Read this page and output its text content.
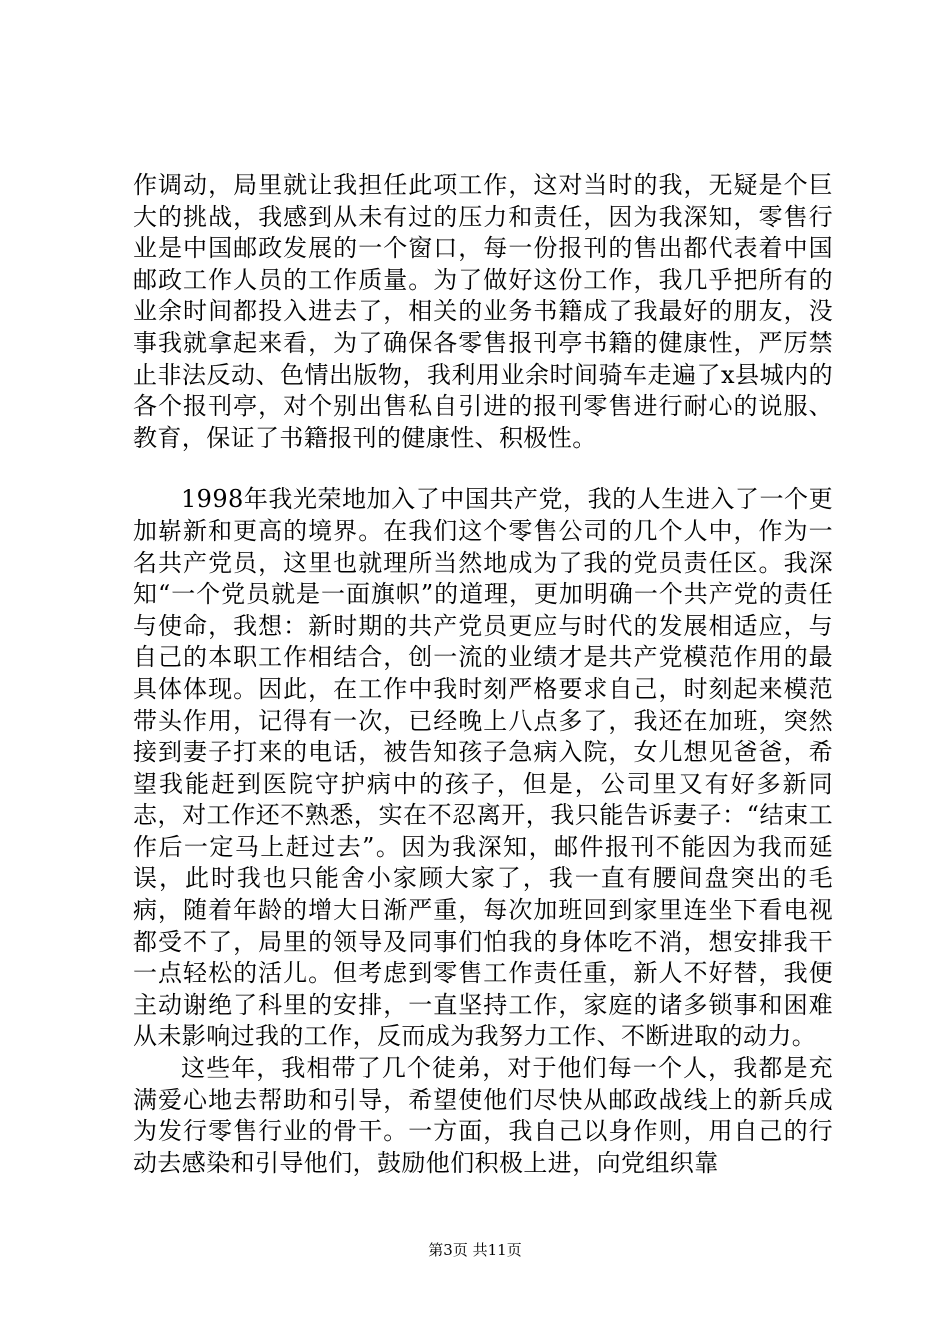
作调动，局里就让我担任此项工作，这对当时的我，无疑是个巨大的挑战，我感到从未有过的压力和责任，因为我深知，零售行业是中国邮政发展的一个窗口，每一份报刊的售出都代表着中国邮政工作人员的工作质量。为了做好这份工作，我几乎把所有的业余时间都投入进去了，相关的业务书籍成了我最好的朋友，没事我就拿起来看，为了确保各零售报刊亭书籍的健康性，严厉禁止非法反动、色情出版物，我利用业余时间骑车走遍了x县城内的各个报刊亭，对个别出售私自引进的报刊零售进行耐心的说服、教育，保证了书籍报刊的健康性、积极性。

1998年我光荣地加入了中国共产党，我的人生进入了一个更加崭新和更高的境界。在我们这个零售公司的几个人中，作为一名共产党员，这里也就理所当然地成为了我的党员责任区。我深知“一个党员就是一面旗帜”的道理，更加明确一个共产党的责任与使命，我想：新时期的共产党员更应与时代的发展相适应，与自己的本职工作相结合，创一流的业绩才是共产党模范作用的最具体体现。因此，在工作中我时刻严格要求自己，时刻起来模范带头作用，记得有一次，已经晚上八点多了，我还在加班，突然接到妻子打来的电话，被告知孩子急病入院，女儿想见爸爸，希望我能赶到医院守护病中的孩子，但是，公司里又有好多新同志，对工作还不熟悉，实在不忍离开，我只能告诉妻子：“结束工作后一定马上赶过去”。因为我深知，邮件报刊不能因为我而延误，此时我也只能舍小家顾大家了，我一直有腰间盘突出的毛病，随着年龄的增大日渐严重，每次加班回到家里连坐下看电视都受不了，局里的领导及同事们怕我的身体吃不消，想安排我干一点轻松的活儿。但考虑到零售工作责任重，新人不好替，我便主动谢绝了科里的安排，一直坚持工作，家庭的诸多锁事和困难从未影响过我的工作，反而成为我努力工作、不断进取的动力。

这些年，我相带了几个徒弟，对于他们每一个人，我都是充满爱心地去帮助和引导，希望使他们尽快从邮政战线上的新兵成为发行零售行业的骨干。一方面，我自己以身作则，用自己的行动去感染和引导他们，鼓励他们积极上进，向党组织靠

第3页 共11页
